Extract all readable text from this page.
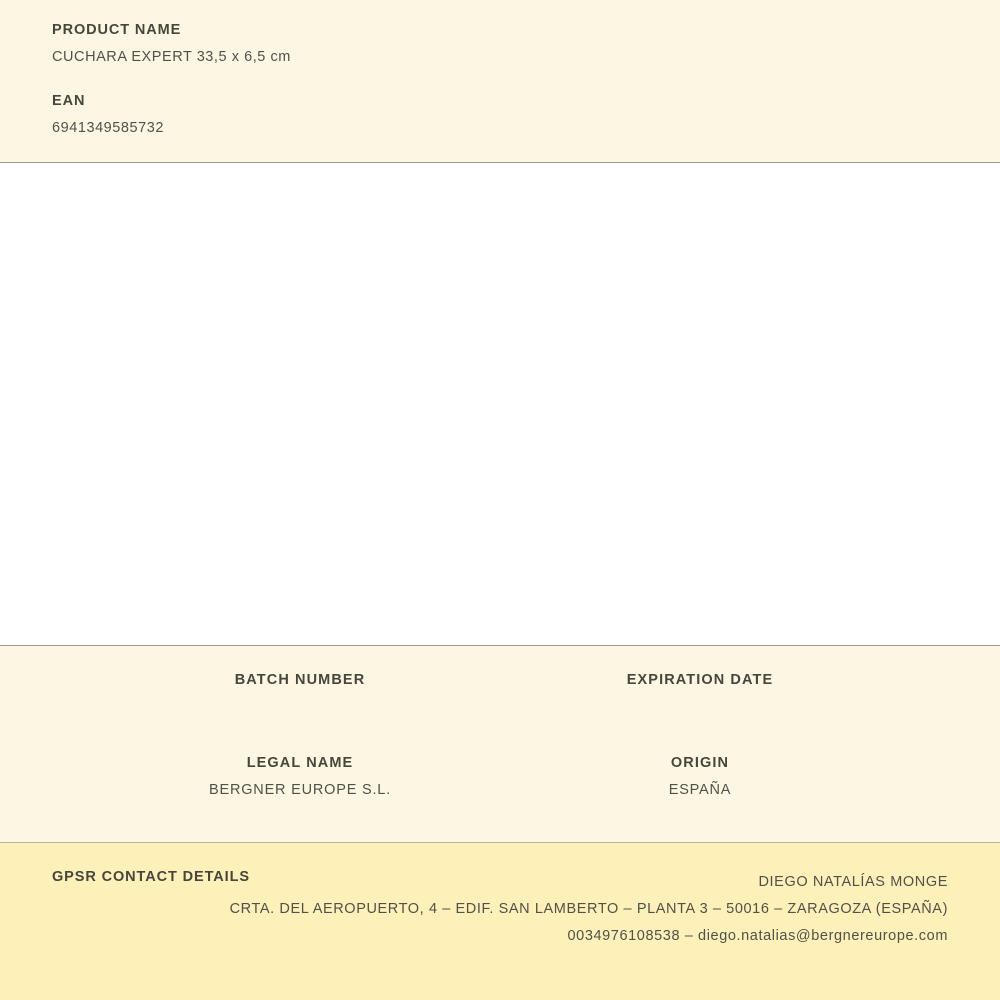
PRODUCT NAME
CUCHARA EXPERT 33,5 x 6,5 cm
EAN
6941349585732
BATCH NUMBER	EXPIRATION DATE
LEGAL NAME
BERGNER EUROPE S.L.
ORIGIN
ESPAÑA
GPSR CONTACT DETAILS	DIEGO NATALÍAS MONGE
CRTA. DEL AEROPUERTO, 4 – EDIF. SAN LAMBERTO – PLANTA 3 – 50016 – ZARAGOZA (ESPAÑA)
0034976108538 – diego.natalias@bergnereurope.com
